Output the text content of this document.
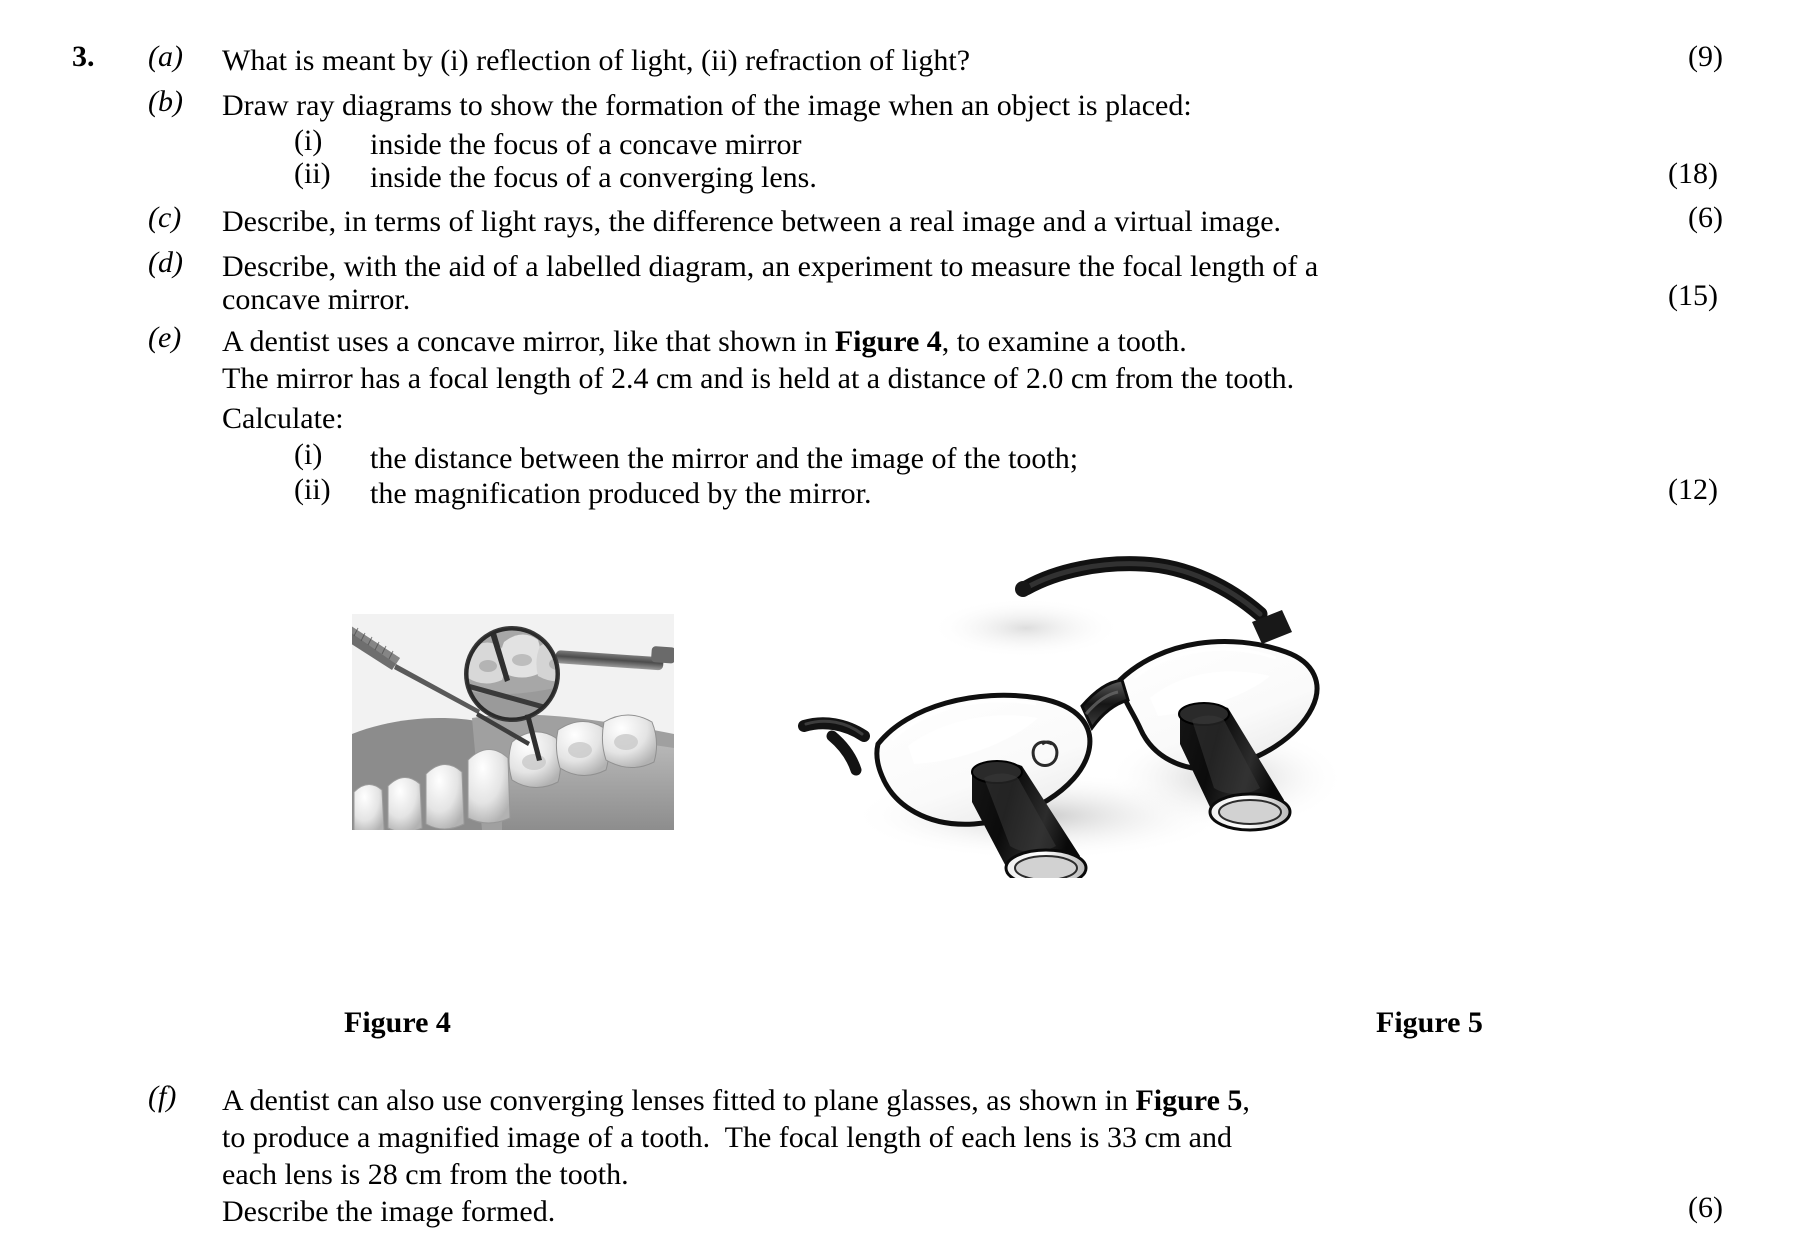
3. (a) What is meant by (i) reflection of light, (ii) refraction of light?	(9)
(b) Draw ray diagrams to show the formation of the image when an object is placed:
(i) inside the focus of a concave mirror
(ii) inside the focus of a converging lens.	(18)
(c) Describe, in terms of light rays, the difference between a real image and a virtual image.	(6)
(d) Describe, with the aid of a labelled diagram, an experiment to measure the focal length of a
concave mirror.	(15)
(e) A dentist uses a concave mirror, like that shown in Figure 4, to examine a tooth.
The mirror has a focal length of 2.4 cm and is held at a distance of 2.0 cm from the tooth.
Calculate:
(i) the distance between the mirror and the image of the tooth;
(ii) the magnification produced by the mirror.	(12)
Figure 4	Figure 5
(f) A dentist can also use converging lenses fitted to plane glasses, as shown in Figure 5,
to produce a magnified image of a tooth.  The focal length of each lens is 33 cm and
each lens is 28 cm from the tooth.
Describe the image formed.	(6)
